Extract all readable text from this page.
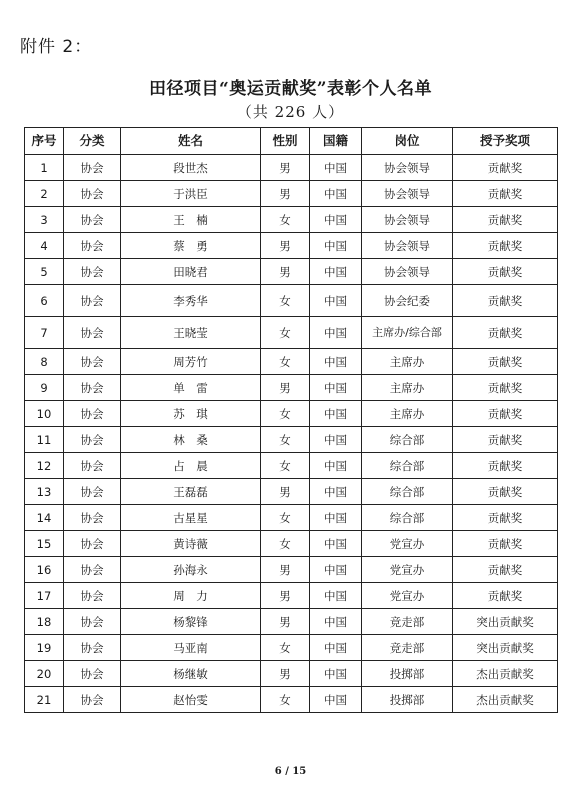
附件 2：
田径项目“奥运贡献奖”表彰个人名单
（共 226 人）
序号	分类	姓名	性别	国籍	岗位	授予奖项
1	协会	段世杰	男	中国	协会领导	贡献奖
2	协会	于洪臣	男	中国	协会领导	贡献奖
3	协会	王　楠	女	中国	协会领导	贡献奖
4	协会	蔡　勇	男	中国	协会领导	贡献奖
5	协会	田晓君	男	中国	协会领导	贡献奖
6	协会	李秀华	女	中国	协会纪委	贡献奖
7	协会	王晓莹	女	中国	主席办/综合部	贡献奖
8	协会	周芳竹	女	中国	主席办	贡献奖
9	协会	单　雷	男	中国	主席办	贡献奖
10	协会	苏　琪	女	中国	主席办	贡献奖
11	协会	林　桑	女	中国	综合部	贡献奖
12	协会	占　晨	女	中国	综合部	贡献奖
13	协会	王磊磊	男	中国	综合部	贡献奖
14	协会	古星星	女	中国	综合部	贡献奖
15	协会	黄诗薇	女	中国	党宣办	贡献奖
16	协会	孙海永	男	中国	党宣办	贡献奖
17	协会	周　力	男	中国	党宣办	贡献奖
18	协会	杨黎锋	男	中国	竞走部	突出贡献奖
19	协会	马亚南	女	中国	竞走部	突出贡献奖
20	协会	杨继敏	男	中国	投掷部	杰出贡献奖
21	协会	赵怡雯	女	中国	投掷部	杰出贡献奖
6 / 15
